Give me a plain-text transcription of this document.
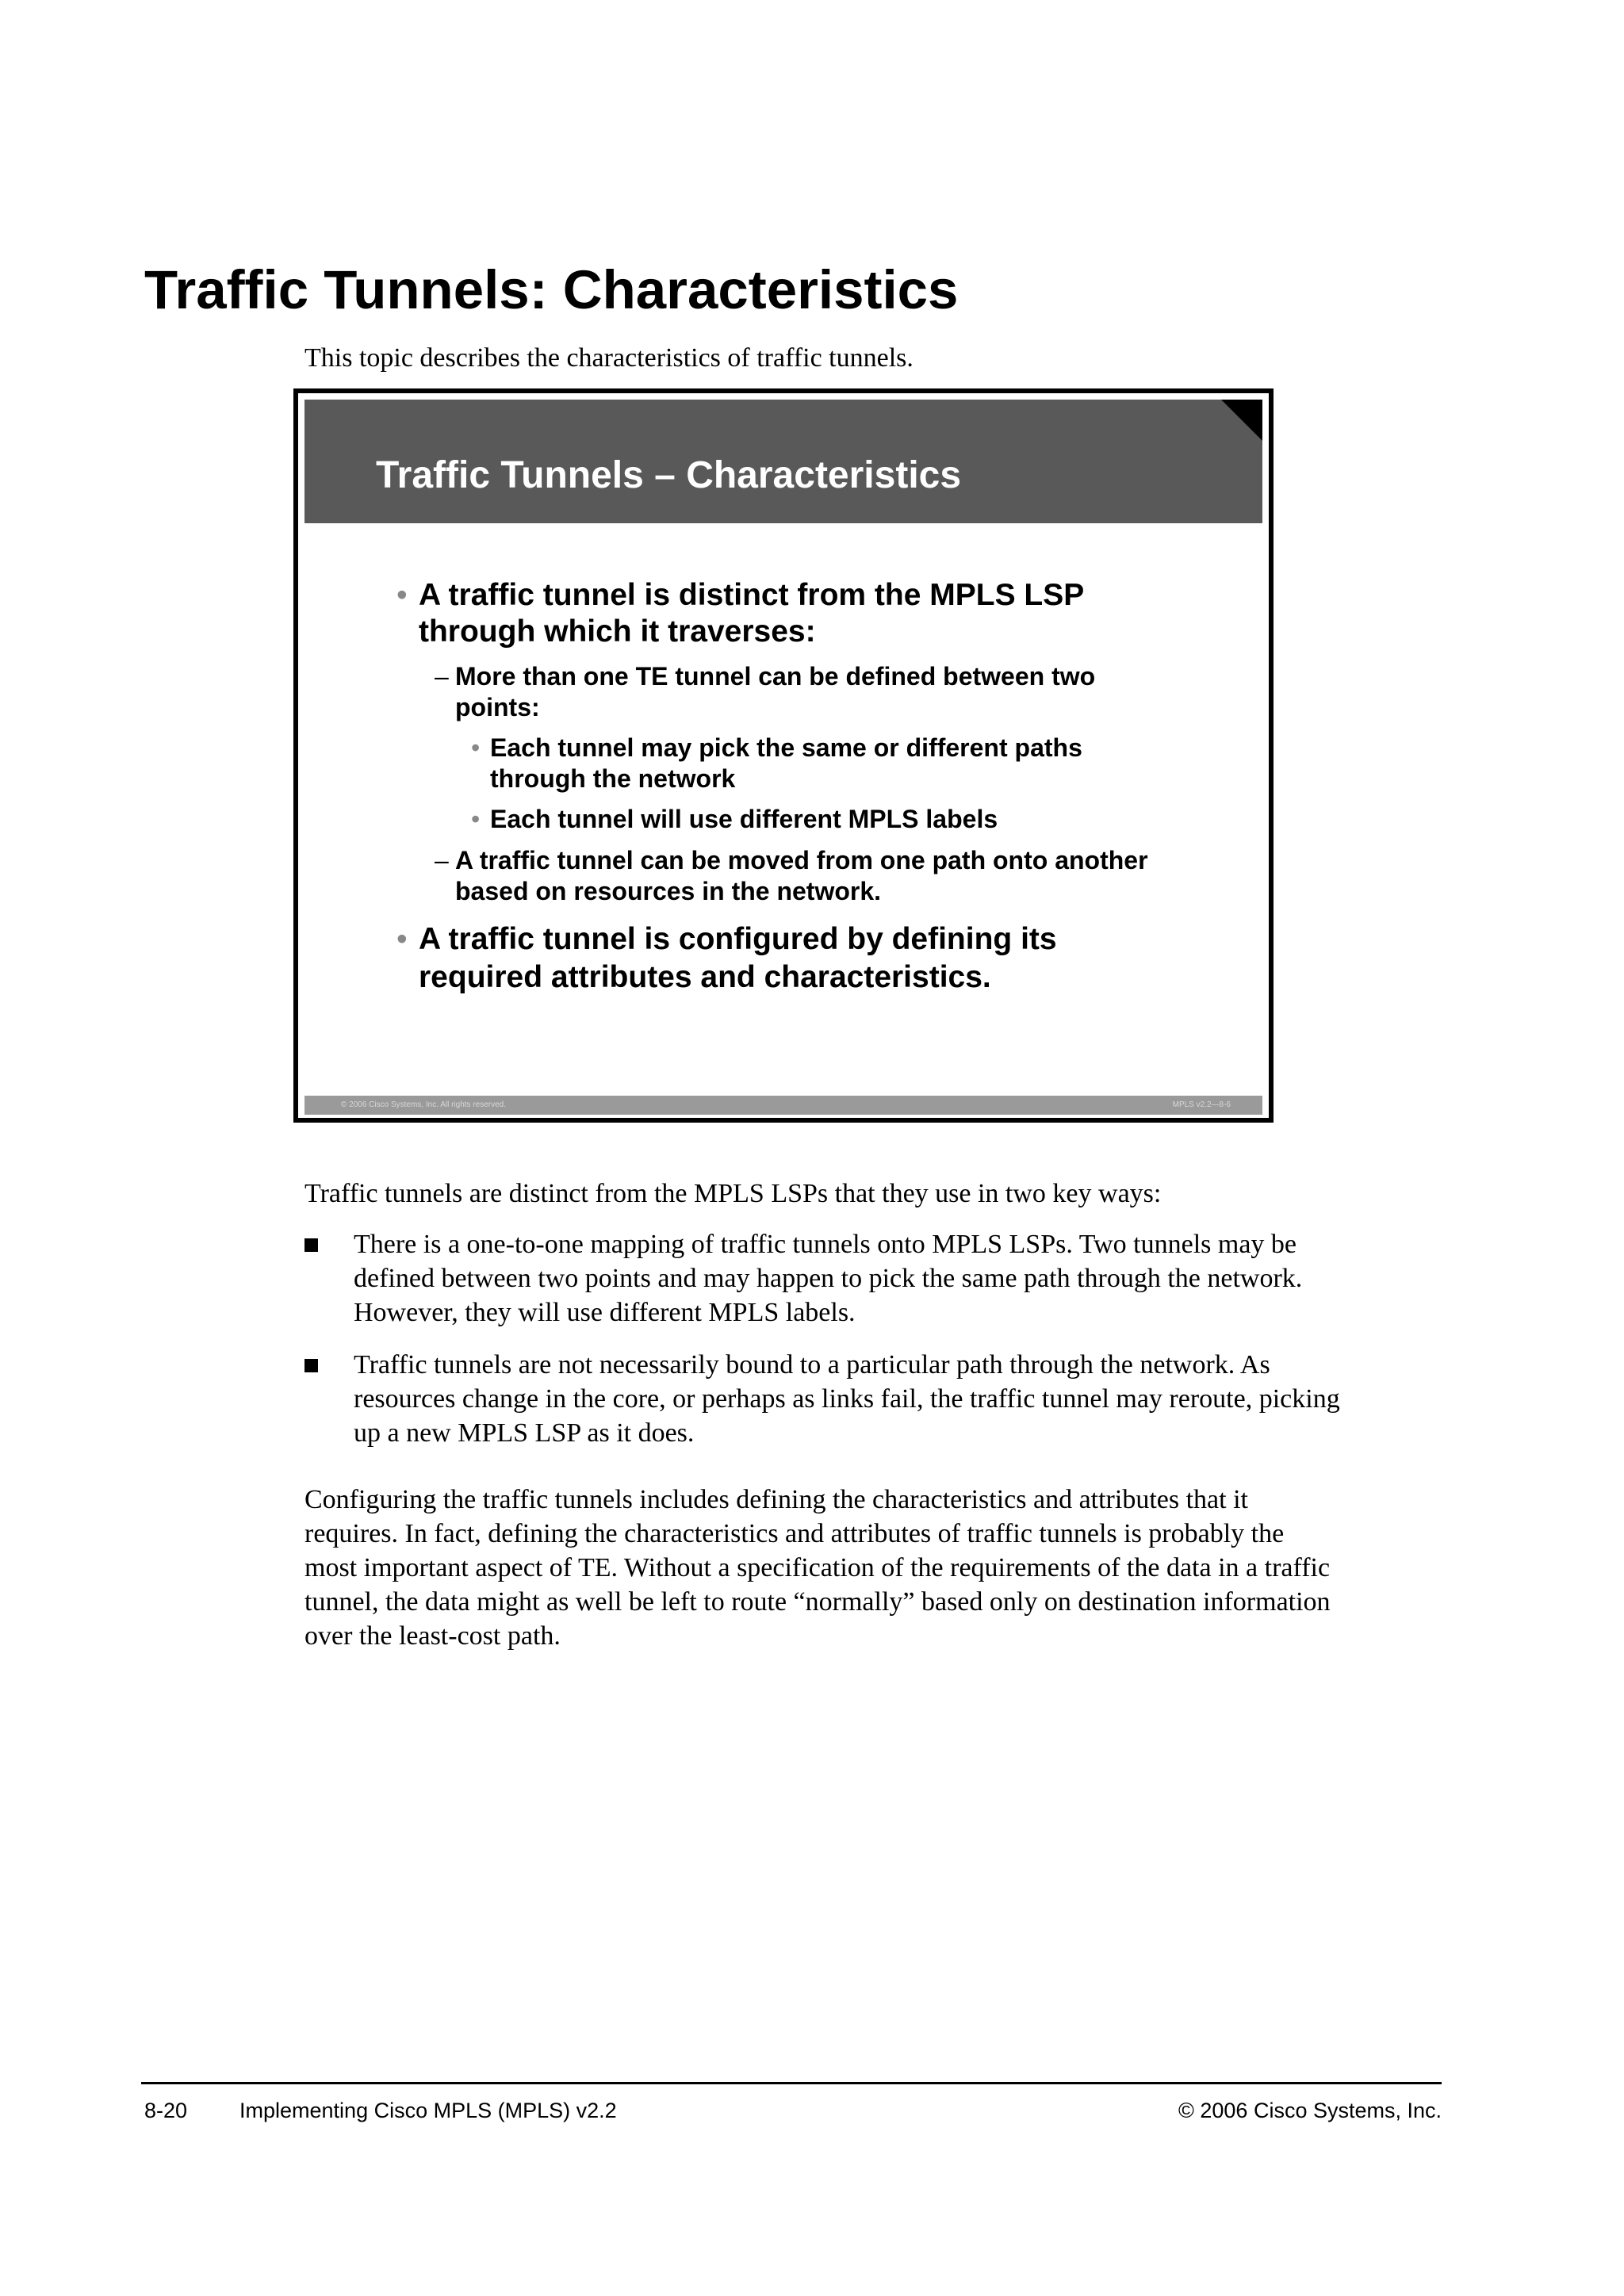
Traffic Tunnels: Characteristics

This topic describes the characteristics of traffic tunnels.

Traffic Tunnels – Characteristics
• A traffic tunnel is distinct from the MPLS LSP

through which it traverses:

– More than one TE tunnel can be defined between two

points:

• Each tunnel may pick the same or different paths

through the network

• Each tunnel will use different MPLS labels

– A traffic tunnel can be moved from one path onto another

based on resources in the network.

• A traffic tunnel is configured by defining its

required attributes and characteristics.

© 2006 Cisco Systems, Inc. All rights reserved.	MPLS v2.2—8-6

Traffic tunnels are distinct from the MPLS LSPs that they use in two key ways:

There is a one-to-one mapping of traffic tunnels onto MPLS LSPs. Two tunnels may be

defined between two points and may happen to pick the same path through the network.

However, they will use different MPLS labels.

Traffic tunnels are not necessarily bound to a particular path through the network. As

resources change in the core, or perhaps as links fail, the traffic tunnel may reroute, picking

up a new MPLS LSP as it does.

Configuring the traffic tunnels includes defining the characteristics and attributes that it

requires. In fact, defining the characteristics and attributes of traffic tunnels is probably the

most important aspect of TE. Without a specification of the requirements of the data in a traffic

tunnel, the data might as well be left to route “normally” based only on destination information

over the least-cost path.

8-20 Implementing Cisco MPLS (MPLS) v2.2	© 2006 Cisco Systems, Inc.
